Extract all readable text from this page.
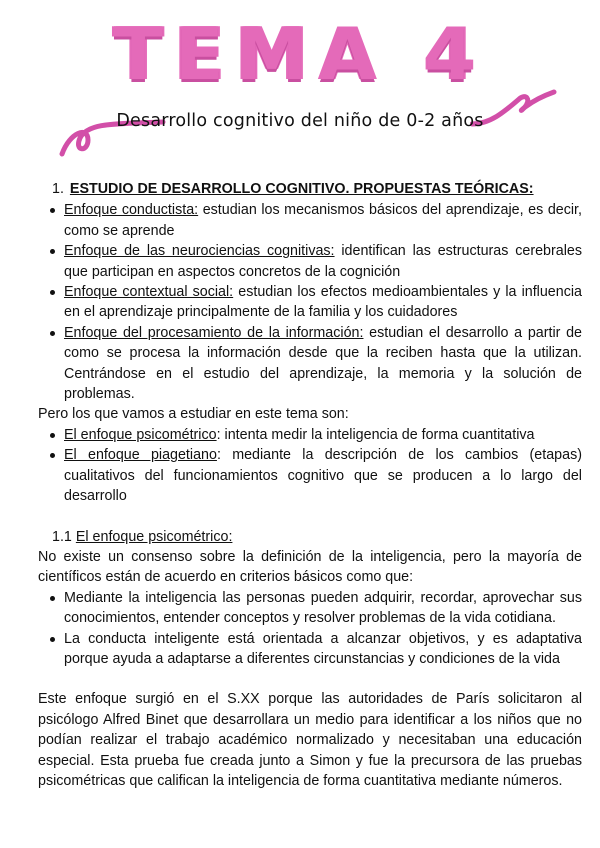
TEMA 4
Desarrollo cognitivo del niño de 0-2 años
1. ESTUDIO DE DESARROLLO COGNITIVO. PROPUESTAS TEÓRICAS:
Enfoque conductista: estudian los mecanismos básicos del aprendizaje, es decir, como se aprende
Enfoque de las neurociencias cognitivas: identifican las estructuras cerebrales que participan en aspectos concretos de la cognición
Enfoque contextual social: estudian los efectos medioambientales y la influencia en el aprendizaje principalmente de la familia y los cuidadores
Enfoque del procesamiento de la información: estudian el desarrollo a partir de como se procesa la información desde que la reciben hasta que la utilizan. Centrándose en el estudio del aprendizaje, la memoria y la solución de problemas.

Pero los que vamos a estudiar en este tema son:

El enfoque psicométrico: intenta medir la inteligencia de forma cuantitativa
El enfoque piagetiano: mediante la descripción de los cambios (etapas) cualitativos del funcionamientos cognitivo que se producen a lo largo del desarrollo
1.1 El enfoque psicométrico:

No existe un consenso sobre la definición de la inteligencia, pero la mayoría de científicos están de acuerdo en criterios básicos como que:

Mediante la inteligencia las personas pueden adquirir, recordar, aprovechar sus conocimientos, entender conceptos y resolver problemas de la vida cotidiana.
La conducta inteligente está orientada a alcanzar objetivos, y es adaptativa porque ayuda a adaptarse a diferentes circunstancias y condiciones de la vida

Este enfoque surgió en el S.XX porque las autoridades de París solicitaron al psicólogo Alfred Binet que desarrollara un medio para identificar a los niños que no podían realizar el trabajo académico normalizado y necesitaban una educación especial. Esta prueba fue creada junto a Simon y fue la precursora de las pruebas psicométricas que califican la inteligencia de forma cuantitativa mediante números.
